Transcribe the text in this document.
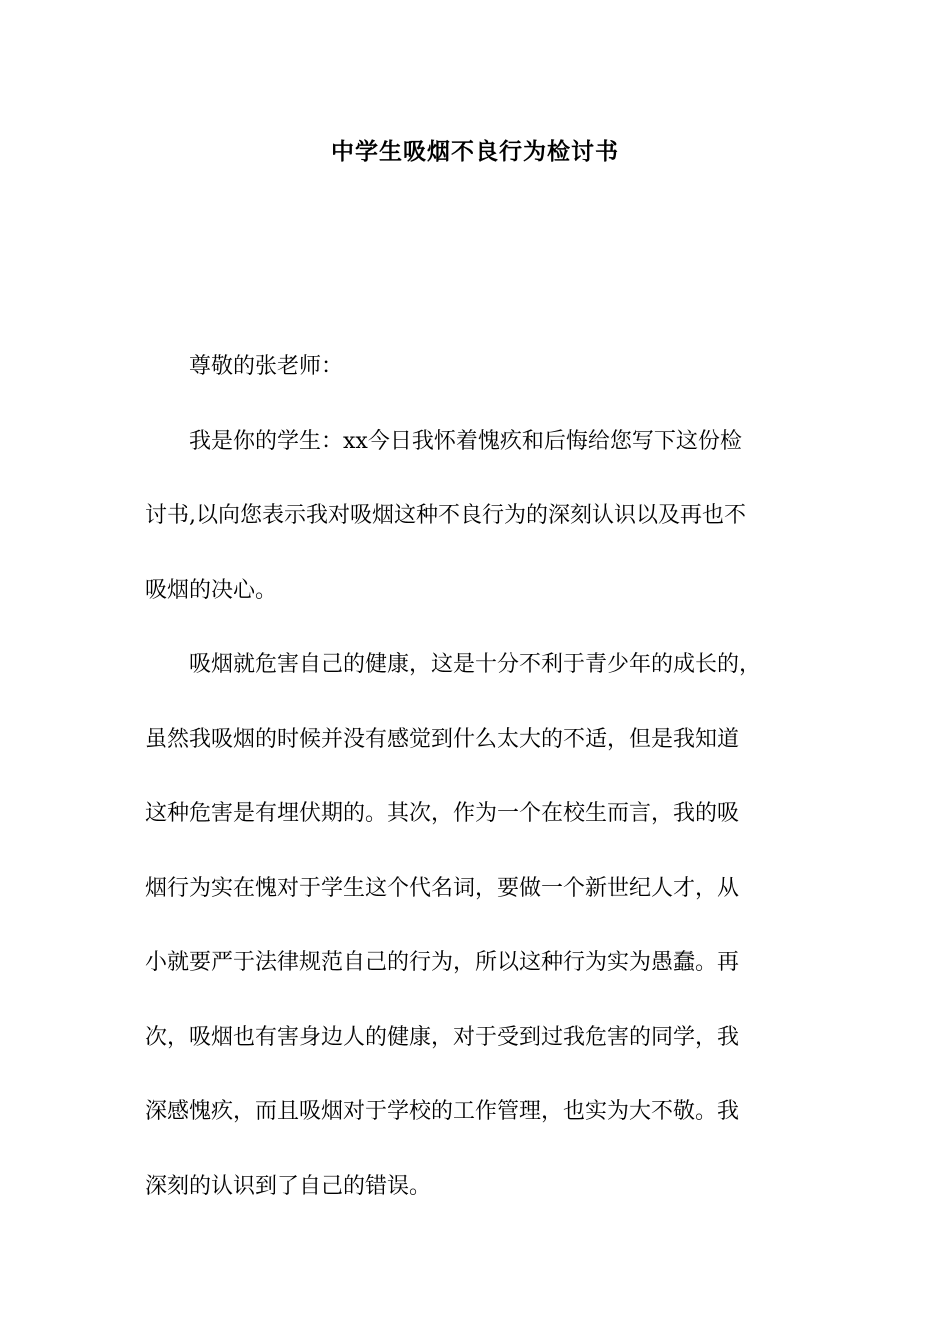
中学生吸烟不良行为检讨书

尊敬的张老师：

我是你的学生：xx今日我怀着愧疚和后悔给您写下这份检
讨书,以向您表示我对吸烟这种不良行为的深刻认识以及再也不
吸烟的决心。

吸烟就危害自己的健康，这是十分不利于青少年的成长的，
虽然我吸烟的时候并没有感觉到什么太大的不适，但是我知道
这种危害是有埋伏期的。其次，作为一个在校生而言，我的吸
烟行为实在愧对于学生这个代名词，要做一个新世纪人才，从
小就要严于法律规范自己的行为，所以这种行为实为愚蠢。再
次，吸烟也有害身边人的健康，对于受到过我危害的同学，我
深感愧疚，而且吸烟对于学校的工作管理，也实为大不敬。我
深刻的认识到了自己的错误。
